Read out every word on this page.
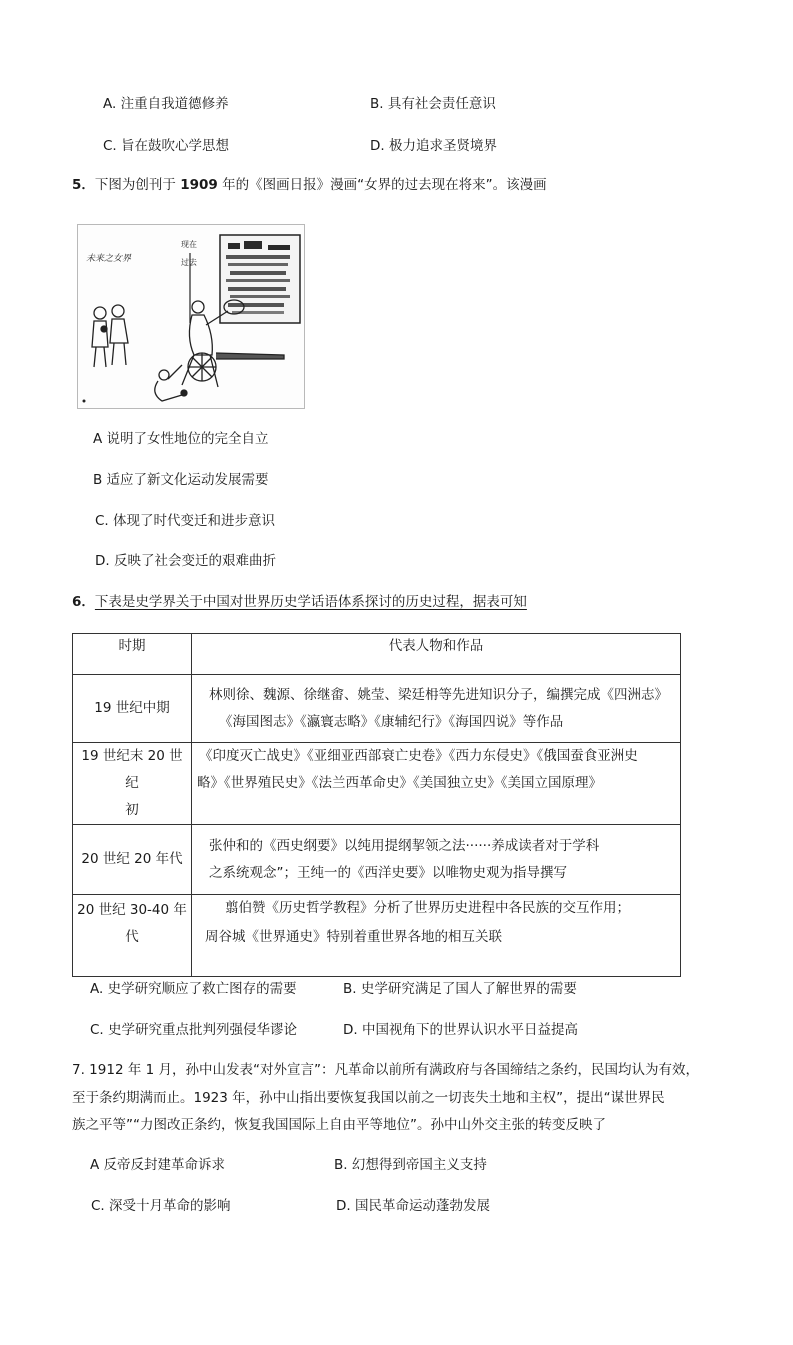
A. 注重自我道德修养	B. 具有社会责任意识
C. 旨在鼓吹心学思想	D. 极力追求圣贤境界
5．下图为创刊于 1909 年的《图画日报》漫画“女界的过去现在将来”。该漫画
现在
过去
未来之女界
A 说明了女性地位的完全自立
B 适应了新文化运动发展需要
C. 体现了时代变迁和进步意识
D. 反映了社会变迁的艰难曲折
6．下表是史学界关于中国对世界历史学话语体系探讨的历史过程，据表可知
时期	代表人物和作品
19 世纪中期	林则徐、魏源、徐继畬、姚莹、梁廷枏等先进知识分子，编撰完成《四洲志》
《海国图志》《瀛寰志略》《康辅纪行》《海国四说》等作品

19 世纪末 20 世纪
初	《印度灭亡战史》《亚细亚西部衰亡史卷》《西力东侵史》《俄国蚕食亚洲史
略》《世界殖民史》《法兰西革命史》《美国独立史》《美国立国原理》

20 世纪 20 年代	张仲和的《西史纲要》以纯用提纲挈领之法······养成读者对于学科
之系统观念”；王纯一的《西洋史要》以唯物史观为指导撰写

20 世纪 30-40 年代	翦伯赞《历史哲学教程》分析了世界历史进程中各民族的交互作用；
周谷城《世界通史》特别着重世界各地的相互关联
A. 史学研究顺应了救亡图存的需要	B. 史学研究满足了国人了解世界的需要
C. 史学研究重点批判列强侵华谬论	D. 中国视角下的世界认识水平日益提高
7. 1912 年 1 月，孙中山发表“对外宣言”：凡革命以前所有满政府与各国缔结之条约，民国均认为有效，
至于条约期满而止。1923 年，孙中山指出要恢复我国以前之一切丧失土地和主权”，提出“谋世界民
族之平等”“力图改正条约，恢复我国国际上自由平等地位”。孙中山外交主张的转变反映了
A 反帝反封建革命诉求	B. 幻想得到帝国主义支持
C. 深受十月革命的影响	D. 国民革命运动蓬勃发展
